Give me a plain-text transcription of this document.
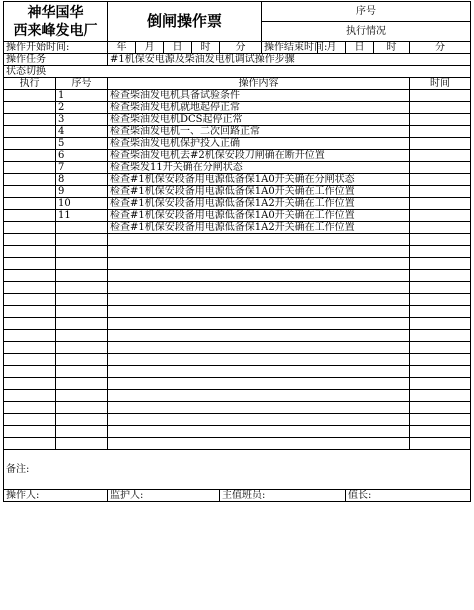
神华国华
西来峰发电厂		倒闸操作票					序号				
							执行情况				
操作开始时间:		年	月	日	时	分	操作结束时间:	月	日	时	分
操作任务		#1机保安电源及柴油发电机调试操作步骤									
状态切换											
执行	序号	操作内容									时间
	1	检查柴油发电机具备试验条件									
	2	检查柴油发电机就地起停正常									
	3	检查柴油发电机DCS起停正常									
	4	检查柴油发电机一、二次回路正常									
	5	检查柴油发电机保护投入正确									
	6	检查柴油发电机去#2机保安段刀闸确在断开位置									
	7	检查柴发11开关确在分闸状态									
	8	检查#1机保安段备用电源低备保1A0开关确在分闸状态									
	9	检查#1机保安段备用电源低备保1A0开关确在工作位置									
	10	检查#1机保安段备用电源低备保1A2开关确在工作位置									
	11	检查#1机保安段备用电源低备保1A0开关确在工作位置									
		检查#1机保安段备用电源低备保1A2开关确在工作位置									

备注:											
操作人:		监护人:				主值班员:			值长:		
